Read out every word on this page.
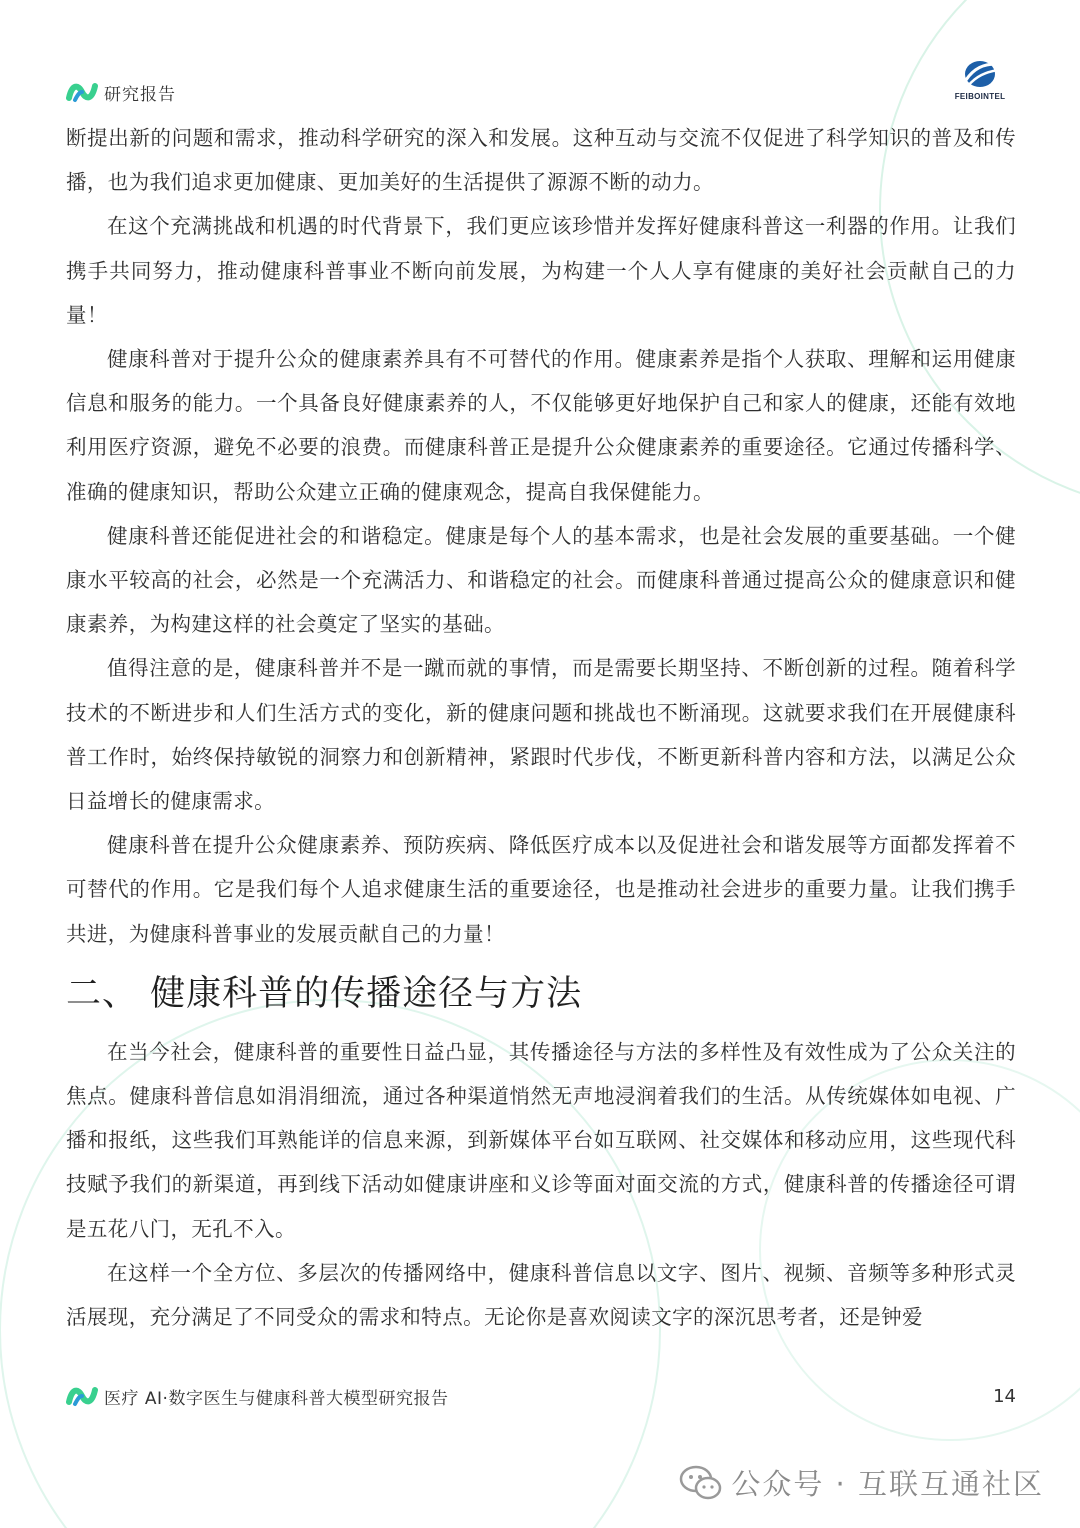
研究报告	FEIBOINTEL

断提出新的问题和需求，推动科学研究的深入和发展。这种互动与交流不仅促进了科学知识的普及和传播，也为我们追求更加健康、更加美好的生活提供了源源不断的动力。

在这个充满挑战和机遇的时代背景下，我们更应该珍惜并发挥好健康科普这一利器的作用。让我们携手共同努力，推动健康科普事业不断向前发展，为构建一个人人享有健康的美好社会贡献自己的力量！

健康科普对于提升公众的健康素养具有不可替代的作用。健康素养是指个人获取、理解和运用健康信息和服务的能力。一个具备良好健康素养的人，不仅能够更好地保护自己和家人的健康，还能有效地利用医疗资源，避免不必要的浪费。而健康科普正是提升公众健康素养的重要途径。它通过传播科学、准确的健康知识，帮助公众建立正确的健康观念，提高自我保健能力。

健康科普还能促进社会的和谐稳定。健康是每个人的基本需求，也是社会发展的重要基础。一个健康水平较高的社会，必然是一个充满活力、和谐稳定的社会。而健康科普通过提高公众的健康意识和健康素养，为构建这样的社会奠定了坚实的基础。

值得注意的是，健康科普并不是一蹴而就的事情，而是需要长期坚持、不断创新的过程。随着科学技术的不断进步和人们生活方式的变化，新的健康问题和挑战也不断涌现。这就要求我们在开展健康科普工作时，始终保持敏锐的洞察力和创新精神，紧跟时代步伐，不断更新科普内容和方法，以满足公众日益增长的健康需求。

健康科普在提升公众健康素养、预防疾病、降低医疗成本以及促进社会和谐发展等方面都发挥着不可替代的作用。它是我们每个人追求健康生活的重要途径，也是推动社会进步的重要力量。让我们携手共进，为健康科普事业的发展贡献自己的力量！

二、 健康科普的传播途径与方法

在当今社会，健康科普的重要性日益凸显，其传播途径与方法的多样性及有效性成为了公众关注的焦点。健康科普信息如涓涓细流，通过各种渠道悄然无声地浸润着我们的生活。从传统媒体如电视、广播和报纸，这些我们耳熟能详的信息来源，到新媒体平台如互联网、社交媒体和移动应用，这些现代科技赋予我们的新渠道，再到线下活动如健康讲座和义诊等面对面交流的方式，健康科普的传播途径可谓是五花八门，无孔不入。

在这样一个全方位、多层次的传播网络中，健康科普信息以文字、图片、视频、音频等多种形式灵活展现，充分满足了不同受众的需求和特点。无论你是喜欢阅读文字的深沉思考者，还是钟爱

医疗 AI·数字医生与健康科普大模型研究报告	14
公众号 · 互联互通社区
